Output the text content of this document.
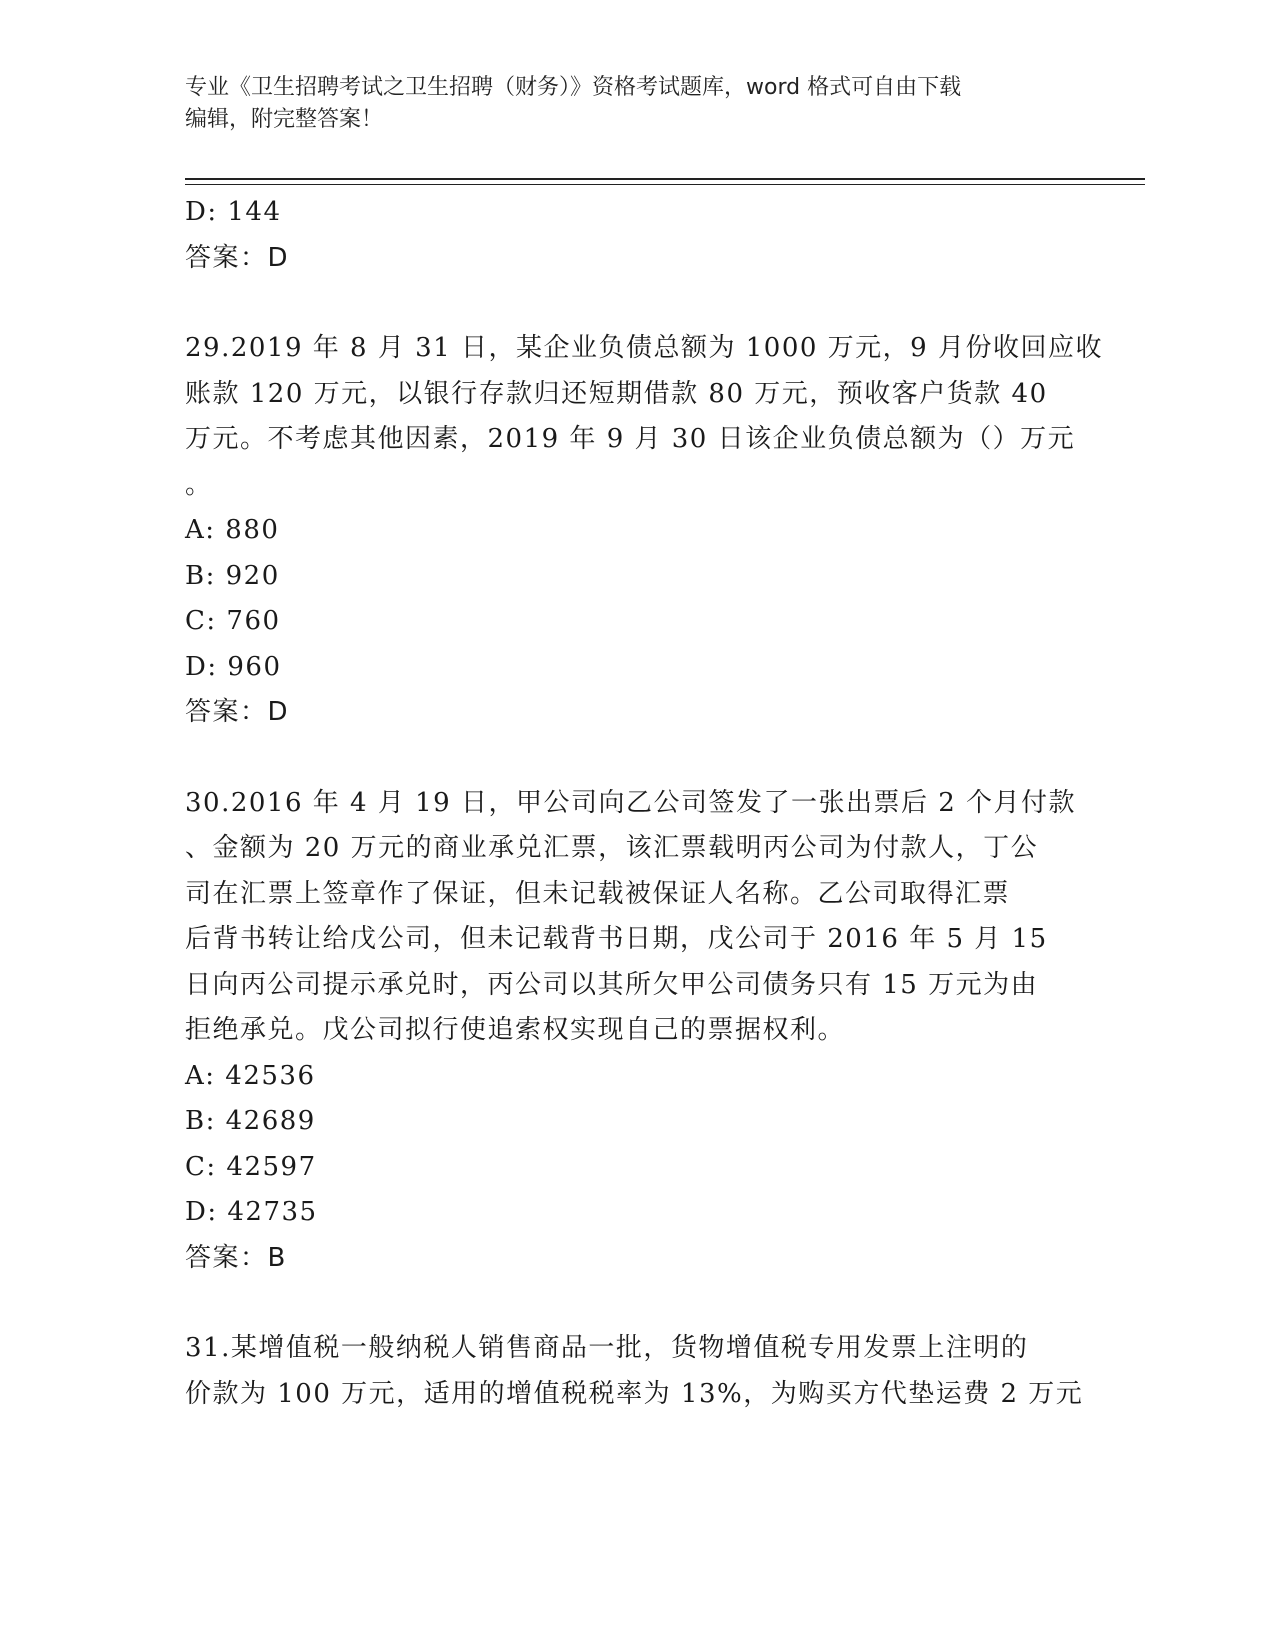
专业《卫生招聘考试之卫生招聘（财务）》资格考试题库，word 格式可自由下载
编辑，附完整答案！
D: 144
答案：D
29.2019 年 8 月 31 日，某企业负债总额为 1000 万元，9 月份收回应收
账款 120 万元，以银行存款归还短期借款 80 万元，预收客户货款 40
万元。不考虑其他因素，2019 年 9 月 30 日该企业负债总额为（）万元
。
A: 880
B: 920
C: 760
D: 960
答案：D
30.2016 年 4 月 19 日，甲公司向乙公司签发了一张出票后 2 个月付款
、金额为 20 万元的商业承兑汇票，该汇票载明丙公司为付款人，丁公
司在汇票上签章作了保证，但未记载被保证人名称。乙公司取得汇票
后背书转让给戊公司，但未记载背书日期，戊公司于 2016 年 5 月 15
日向丙公司提示承兑时，丙公司以其所欠甲公司债务只有 15 万元为由
拒绝承兑。戊公司拟行使追索权实现自己的票据权利。
A: 42536
B: 42689
C: 42597
D: 42735
答案：B
31.某增值税一般纳税人销售商品一批，货物增值税专用发票上注明的
价款为 100 万元，适用的增值税税率为 13%，为购买方代垫运费 2 万元
